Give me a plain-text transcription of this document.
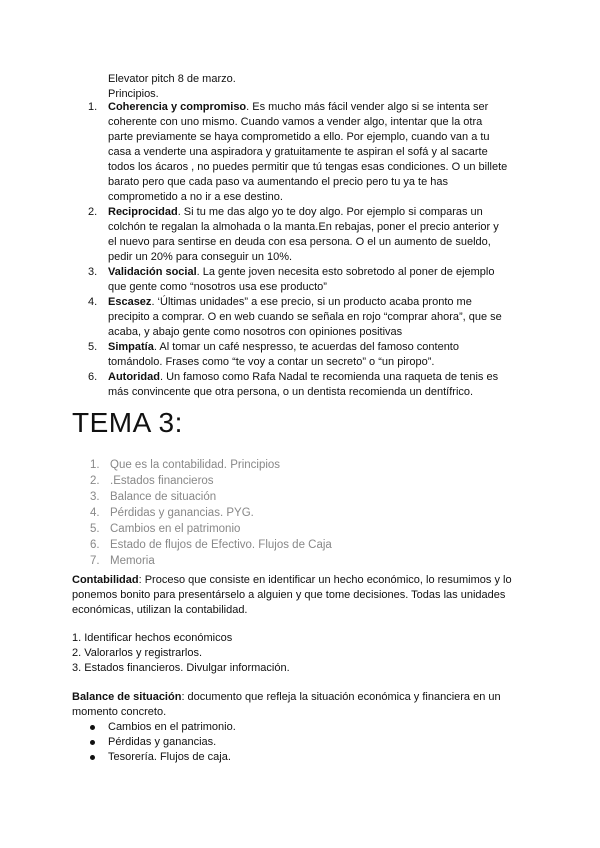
Elevator pitch 8 de marzo.
Principios.
1. Coherencia y compromiso. Es mucho más fácil vender algo si se intenta ser coherente con uno mismo. Cuando vamos a vender algo, intentar que la otra parte previamente se haya comprometido a ello. Por ejemplo, cuando van a tu casa a venderte una aspiradora y gratuitamente te aspiran el sofá y al sacarte todos los ácaros , no puedes permitir que tú tengas esas condiciones. O un billete barato pero que cada paso va aumentando el precio pero tu ya te has comprometido a no ir a ese destino.
2. Reciprocidad. Si tu me das algo yo te doy algo. Por ejemplo si comparas un colchón te regalan la almohada o la manta.En rebajas, poner el precio anterior y el nuevo para sentirse en deuda con esa persona. O el un aumento de sueldo, pedir un 20% para conseguir un 10%.
3. Validación social. La gente joven necesita esto sobretodo al poner de ejemplo que gente como “nosotros usa ese producto”
4. Escasez. ‘Últimas unidades” a ese precio, si un producto acaba pronto me precipito a comprar. O en web cuando se señala en rojo “comprar ahora”, que se acaba, y abajo gente como nosotros con opiniones positivas
5. Simpatía. Al tomar un café nespresso, te acuerdas del famoso contento tomándolo. Frases como “te voy a contar un secreto” o “un piropo”.
6. Autoridad. Un famoso como Rafa Nadal te recomienda una raqueta de tenis es más convincente que otra persona, o un dentista recomienda un dentífrico.
TEMA 3:
1. Que es la contabilidad. Principios
2. .Estados financieros
3. Balance de situación
4. Pérdidas y ganancias. PYG.
5. Cambios en el patrimonio
6. Estado de flujos de Efectivo. Flujos de Caja
7. Memoria
Contabilidad: Proceso que consiste en identificar un hecho económico, lo resumimos y lo ponemos bonito para presentárselo a alguien y que tome decisiones. Todas las unidades económicas, utilizan la contabilidad.
1. Identificar hechos económicos
2. Valorarlos y registrarlos.
3. Estados financieros. Divulgar información.
Balance de situación: documento que refleja la situación económica y financiera en un momento concreto.
Cambios en el patrimonio.
Pérdidas y ganancias.
Tesorería. Flujos de caja.
